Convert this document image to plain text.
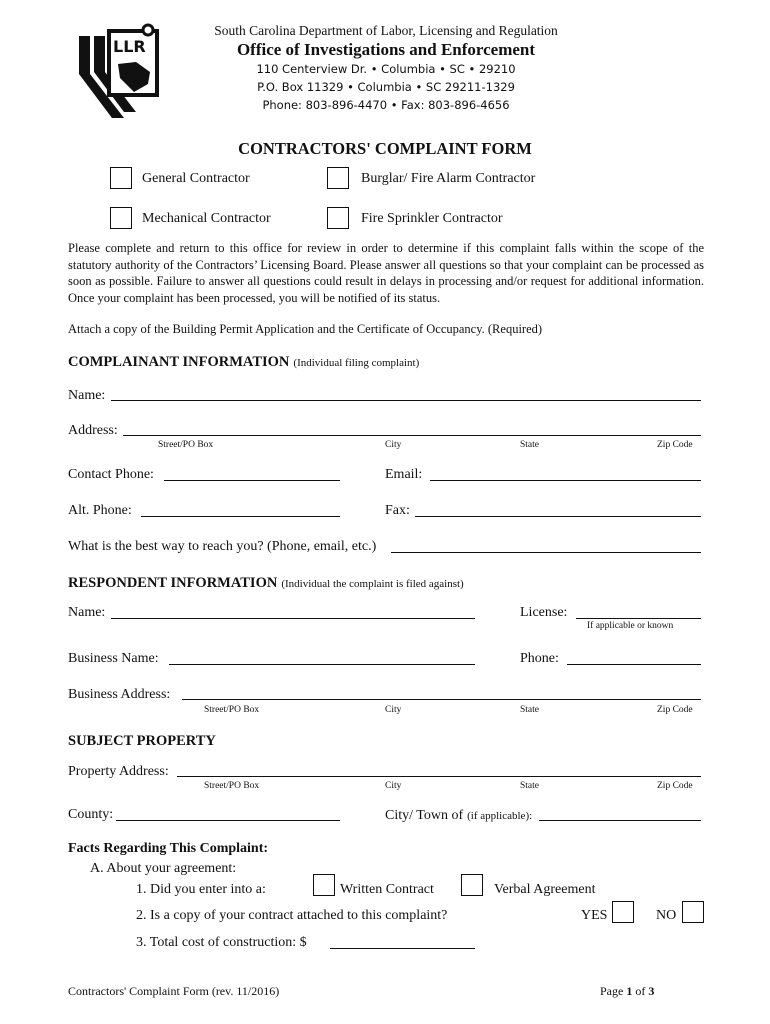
LLR
South Carolina Department of Labor, Licensing and Regulation
Office of Investigations and Enforcement
110 Centerview Dr. • Columbia • SC • 29210
P.O. Box 11329 • Columbia • SC 29211-1329
Phone: 803-896-4470 • Fax: 803-896-4656
CONTRACTORS' COMPLAINT FORM
General Contractor	Burglar/ Fire Alarm Contractor
Mechanical Contractor	Fire Sprinkler Contractor
Please complete and return to this office for review in order to determine if this complaint falls within the scope of the statutory authority of the Contractors’ Licensing Board. Please answer all questions so that your complaint can be processed as soon as possible. Failure to answer all questions could result in delays in processing and/or request for additional information. Once your complaint has been processed, you will be notified of its status.
Attach a copy of the Building Permit Application and the Certificate of Occupancy. (Required)
COMPLAINANT INFORMATION (Individual filing complaint)
Name:
Address:
Street/PO Box	City	State	Zip Code
Contact Phone:	Email:
Alt. Phone:	Fax:
What is the best way to reach you? (Phone, email, etc.)
RESPONDENT INFORMATION (Individual the complaint is filed against)
Name:	License:
If applicable or known
Business Name:	Phone:
Business Address:
Street/PO Box	City	State	Zip Code
SUBJECT PROPERTY
Property Address:
Street/PO Box	City	State	Zip Code
County:	City/ Town of (if applicable):
Facts Regarding This Complaint:
A. About your agreement:
1. Did you enter into a:	Written Contract	Verbal Agreement
2. Is a copy of your contract attached to this complaint?	YES	NO
3. Total cost of construction: $
Contractors' Complaint Form (rev. 11/2016)	Page 1 of 3
